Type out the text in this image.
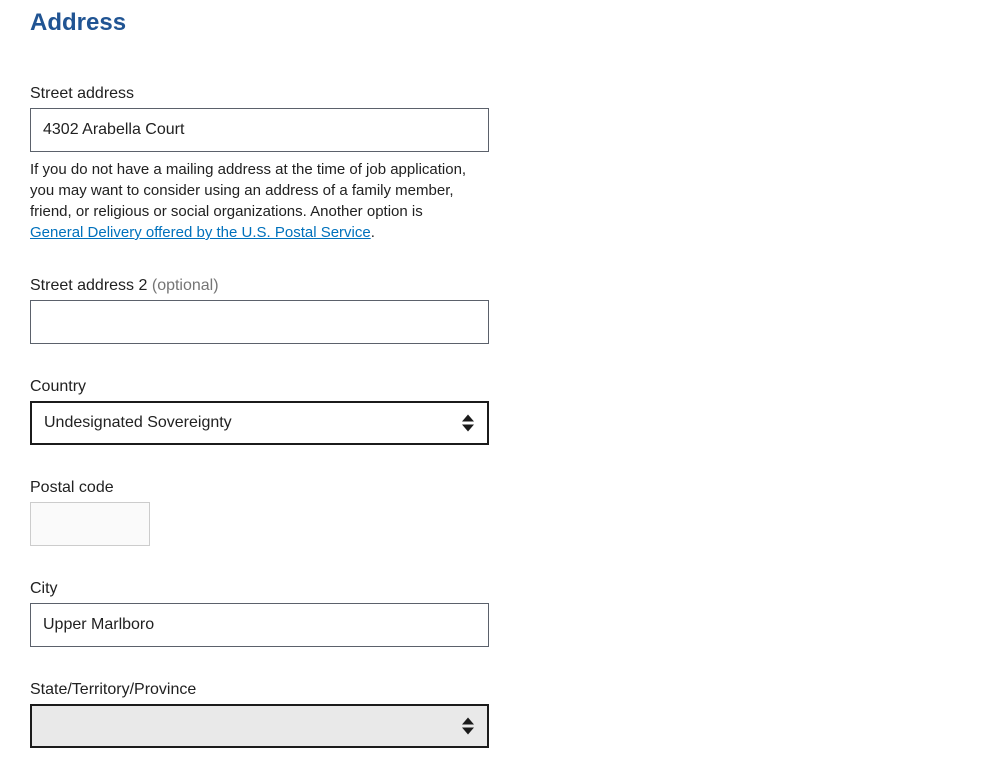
Address
Street address
4302 Arabella Court
If you do not have a mailing address at the time of job application, you may want to consider using an address of a family member, friend, or religious or social organizations. Another option is General Delivery offered by the U.S. Postal Service.
Street address 2 (optional)
Country
Undesignated Sovereignty
Postal code
City
Upper Marlboro
State/Territory/Province
